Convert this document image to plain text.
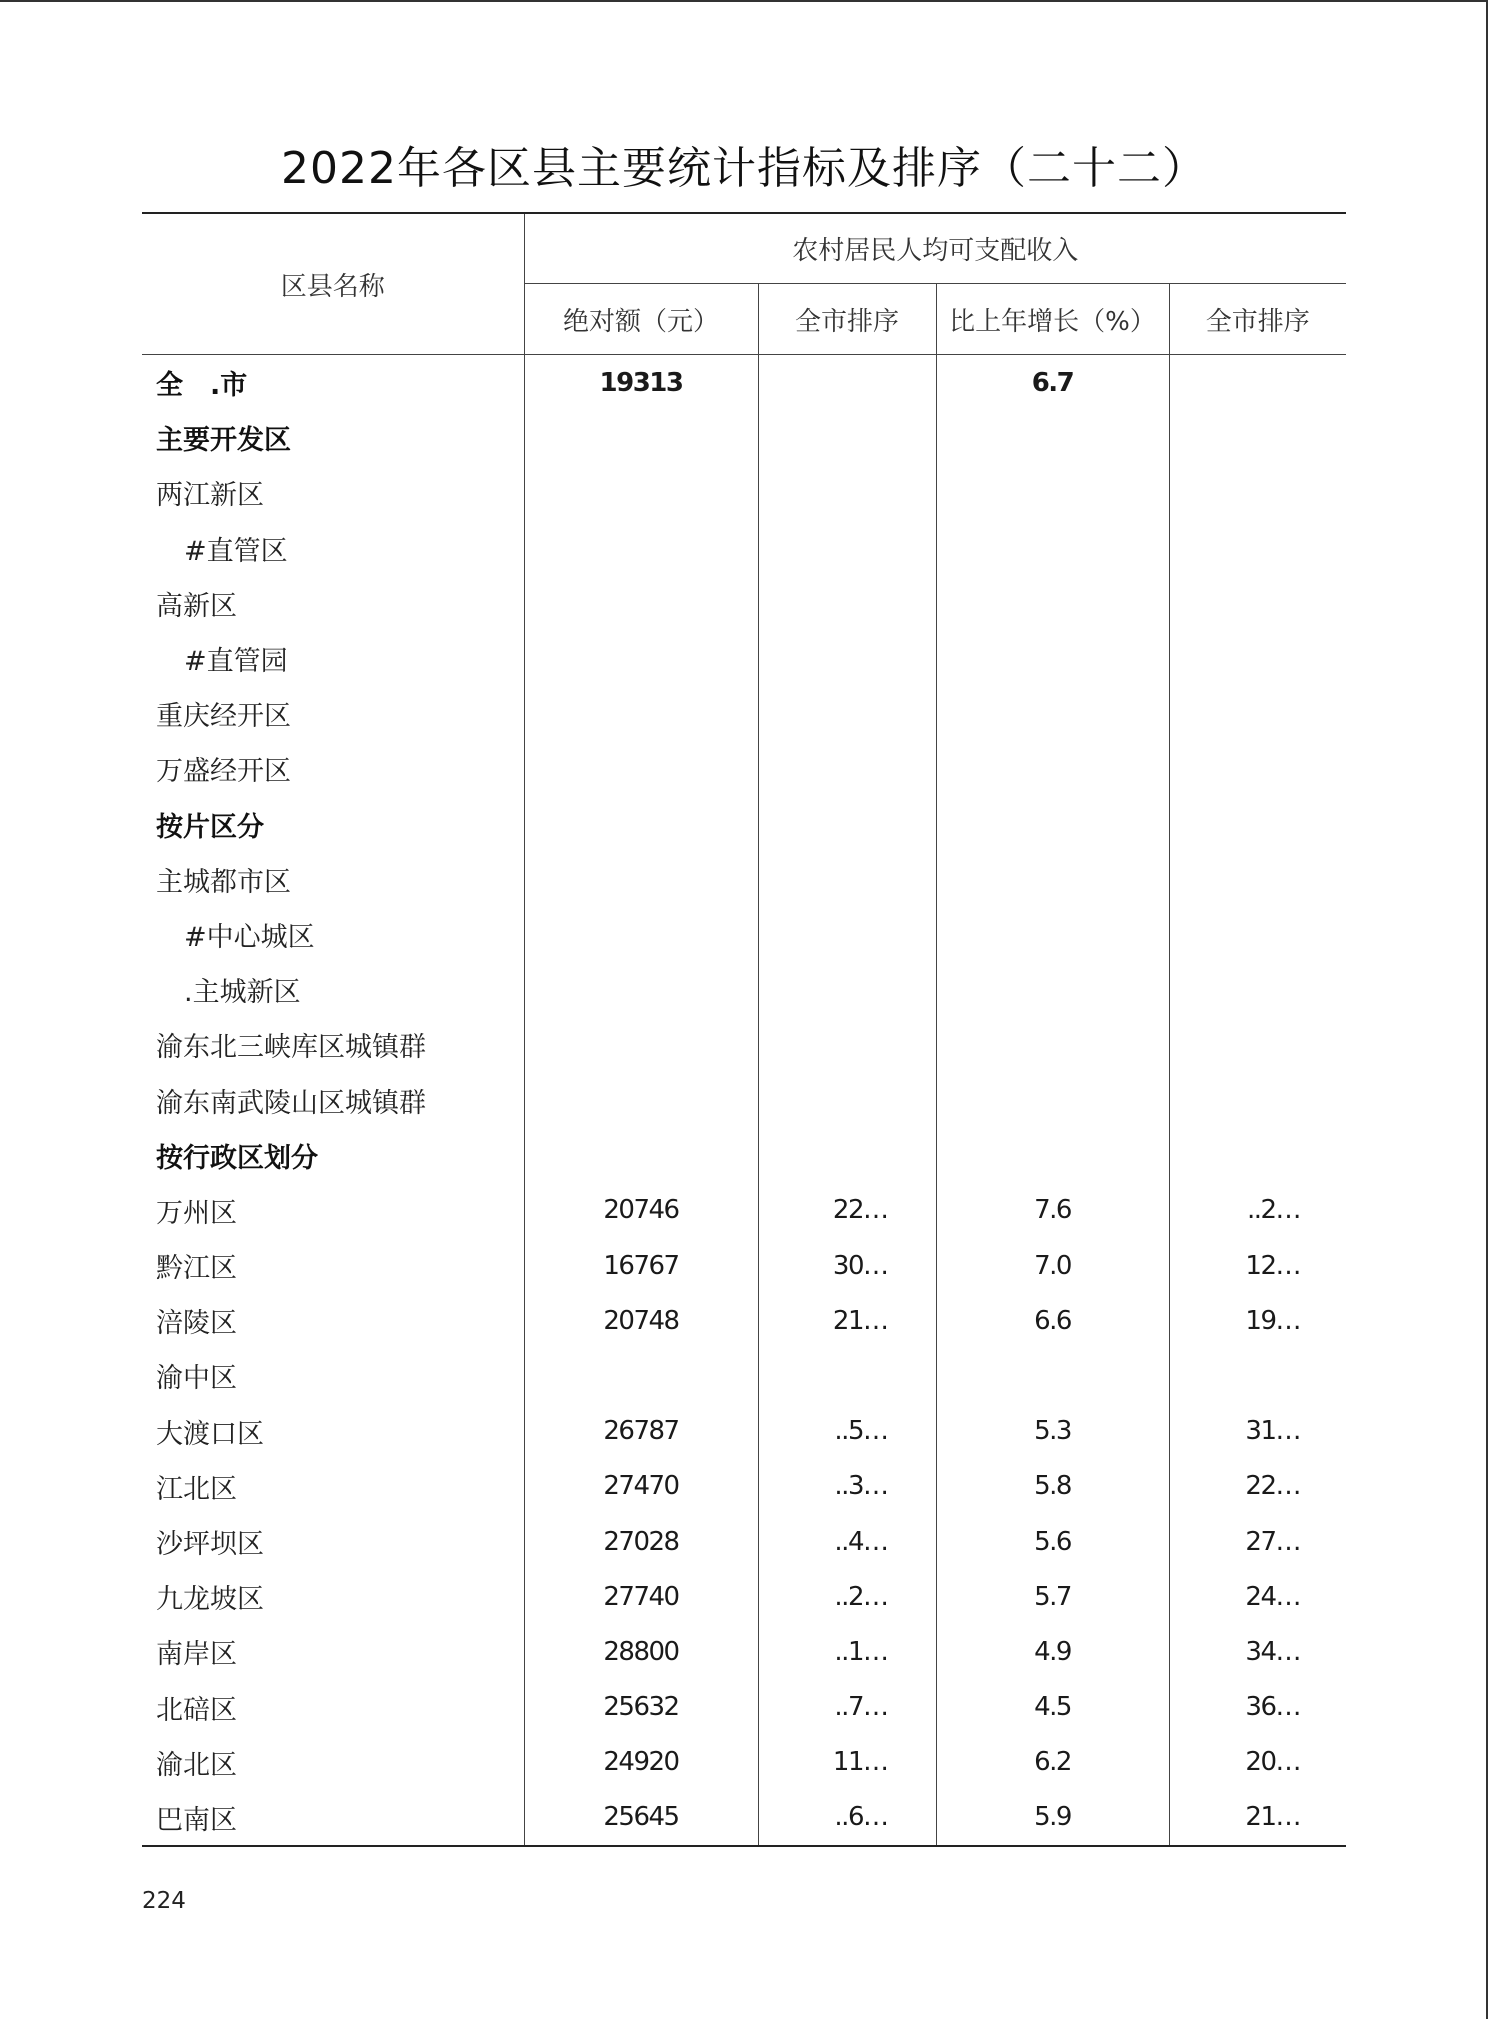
2022年各区县主要统计指标及排序（二十二）
区县名称	农村居民人均可支配收入			
	绝对额（元）	全市排序	比上年增长（%）	全市排序
全　.市	19313		6.7	
主要开发区				
两江新区				
#直管区				
高新区				
#直管园				
重庆经开区				
万盛经开区				
按片区分				
主城都市区				
#中心城区				
.主城新区				
渝东北三峡库区城镇群				
渝东南武陵山区城镇群				
按行政区划分				
万州区	20746	22…	7.6	..2…
黔江区	16767	30…	7.0	12…
涪陵区	20748	21…	6.6	19…
渝中区				
大渡口区	26787	..5…	5.3	31…
江北区	27470	..3…	5.8	22…
沙坪坝区	27028	..4…	5.6	27…
九龙坡区	27740	..2…	5.7	24…
南岸区	28800	..1…	4.9	34…
北碚区	25632	..7…	4.5	36…
渝北区	24920	11…	6.2	20…
巴南区	25645	..6…	5.9	21…
224
